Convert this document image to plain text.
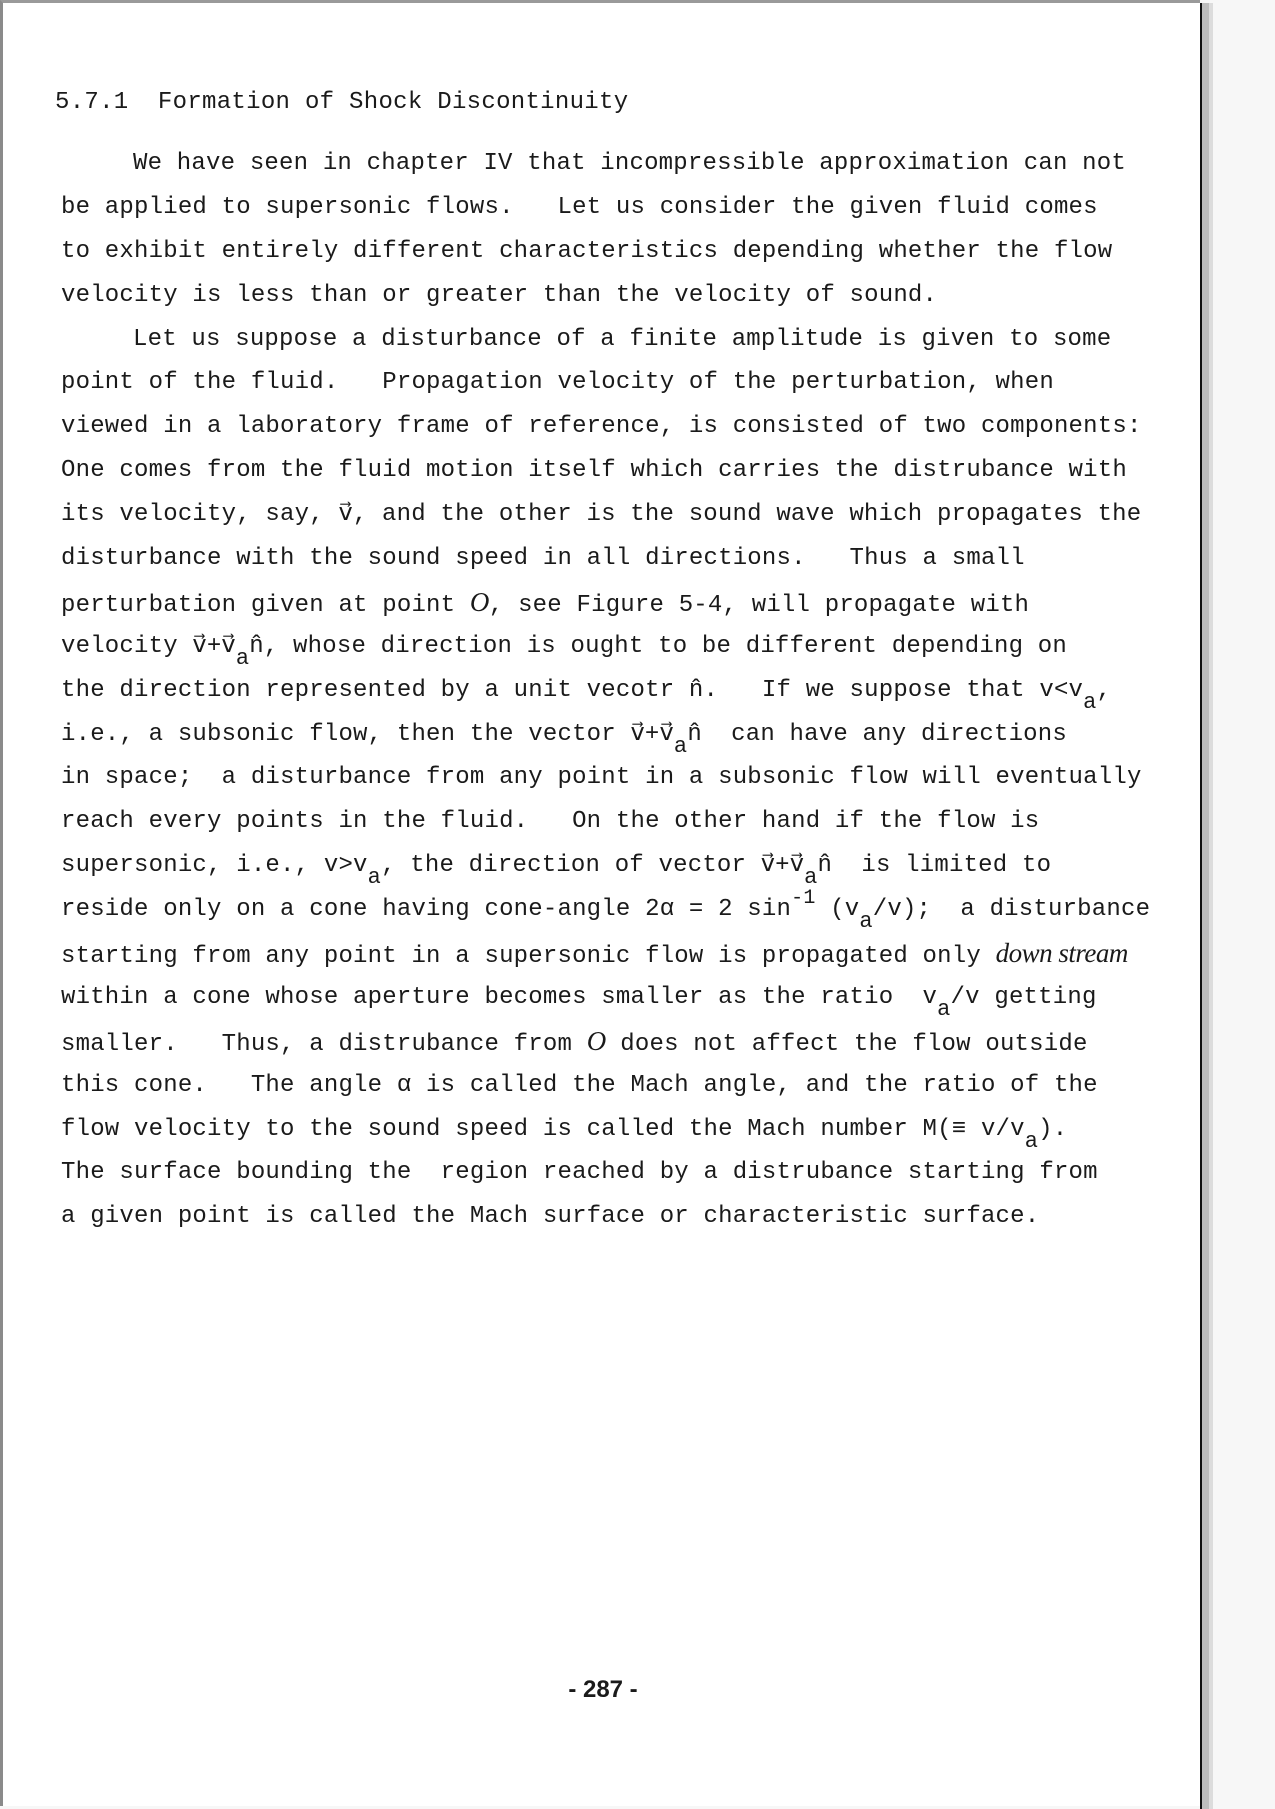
5.7.1 Formation of Shock Discontinuity
We have seen in chapter IV that incompressible approximation can not
be applied to supersonic flows.   Let us consider the given fluid comes
to exhibit entirely different characteristics depending whether the flow
velocity is less than or greater than the velocity of sound.
Let us suppose a disturbance of a finite amplitude is given to some
point of the fluid.   Propagation velocity of the perturbation, when
viewed in a laboratory frame of reference, is consisted of two components:
One comes from the fluid motion itself which carries the distrubance with
its velocity, say, v⃗, and the other is the sound wave which propagates the
disturbance with the sound speed in all directions.   Thus a small
perturbation given at point O, see Figure 5-4, will propagate with
velocity v⃗+v⃗an̂, whose direction is ought to be different depending on
the direction represented by a unit vecotr n̂.   If we suppose that v<va,
i.e., a subsonic flow, then the vector v⃗+v⃗an̂  can have any directions
in space;  a disturbance from any point in a subsonic flow will eventually
reach every points in the fluid.   On the other hand if the flow is
supersonic, i.e., v>va, the direction of vector v⃗+v⃗an̂  is limited to
reside only on a cone having cone-angle 2α = 2 $\sin^{-1} (va/v)$;  a disturbance
starting from any point in a supersonic flow is propagated only down stream
within a cone whose aperture becomes smaller as the ratio  va/v getting
smaller.   Thus, a distrubance from O does not affect the flow outside
this cone.   The angle α is called the Mach angle, and the ratio of the
flow velocity to the sound speed is called the Mach number M(≡ v/va).
The surface bounding the  region reached by a distrubance starting from
a given point is called the Mach surface or characteristic surface.
- 287 -
